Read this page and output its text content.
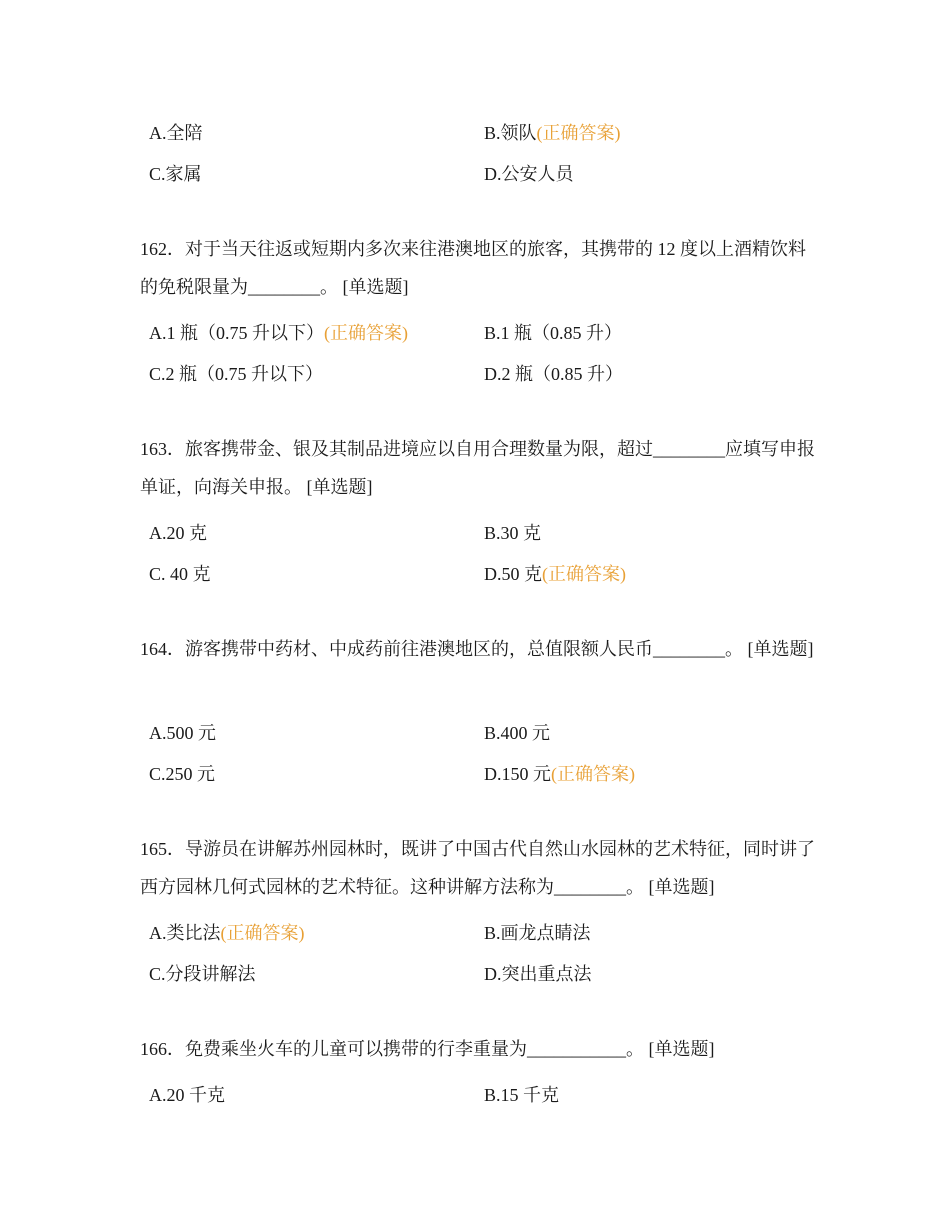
A.全陪	B.领队(正确答案)
C.家属	D.公安人员
162．对于当天往返或短期内多次来往港澳地区的旅客，其携带的 12 度以上酒精饮料的免税限量为________。 [单选题]
A.1 瓶（0.75 升以下）(正确答案)	B.1 瓶（0.85 升）
C.2 瓶（0.75 升以下）	D.2 瓶（0.85 升）
163．旅客携带金、银及其制品进境应以自用合理数量为限，超过________应填写申报单证，向海关申报。 [单选题]
A.20 克	B.30 克
C. 40 克	D.50 克(正确答案)
164．游客携带中药材、中成药前往港澳地区的，总值限额人民币________。 [单选题]
A.500 元	B.400 元
C.250 元	D.150 元(正确答案)
165．导游员在讲解苏州园林时，既讲了中国古代自然山水园林的艺术特征，同时讲了西方园林几何式园林的艺术特征。这种讲解方法称为________。 [单选题]
A.类比法(正确答案)	B.画龙点睛法
C.分段讲解法	D.突出重点法
166．免费乘坐火车的儿童可以携带的行李重量为___________。 [单选题]
A.20 千克	B.15 千克
